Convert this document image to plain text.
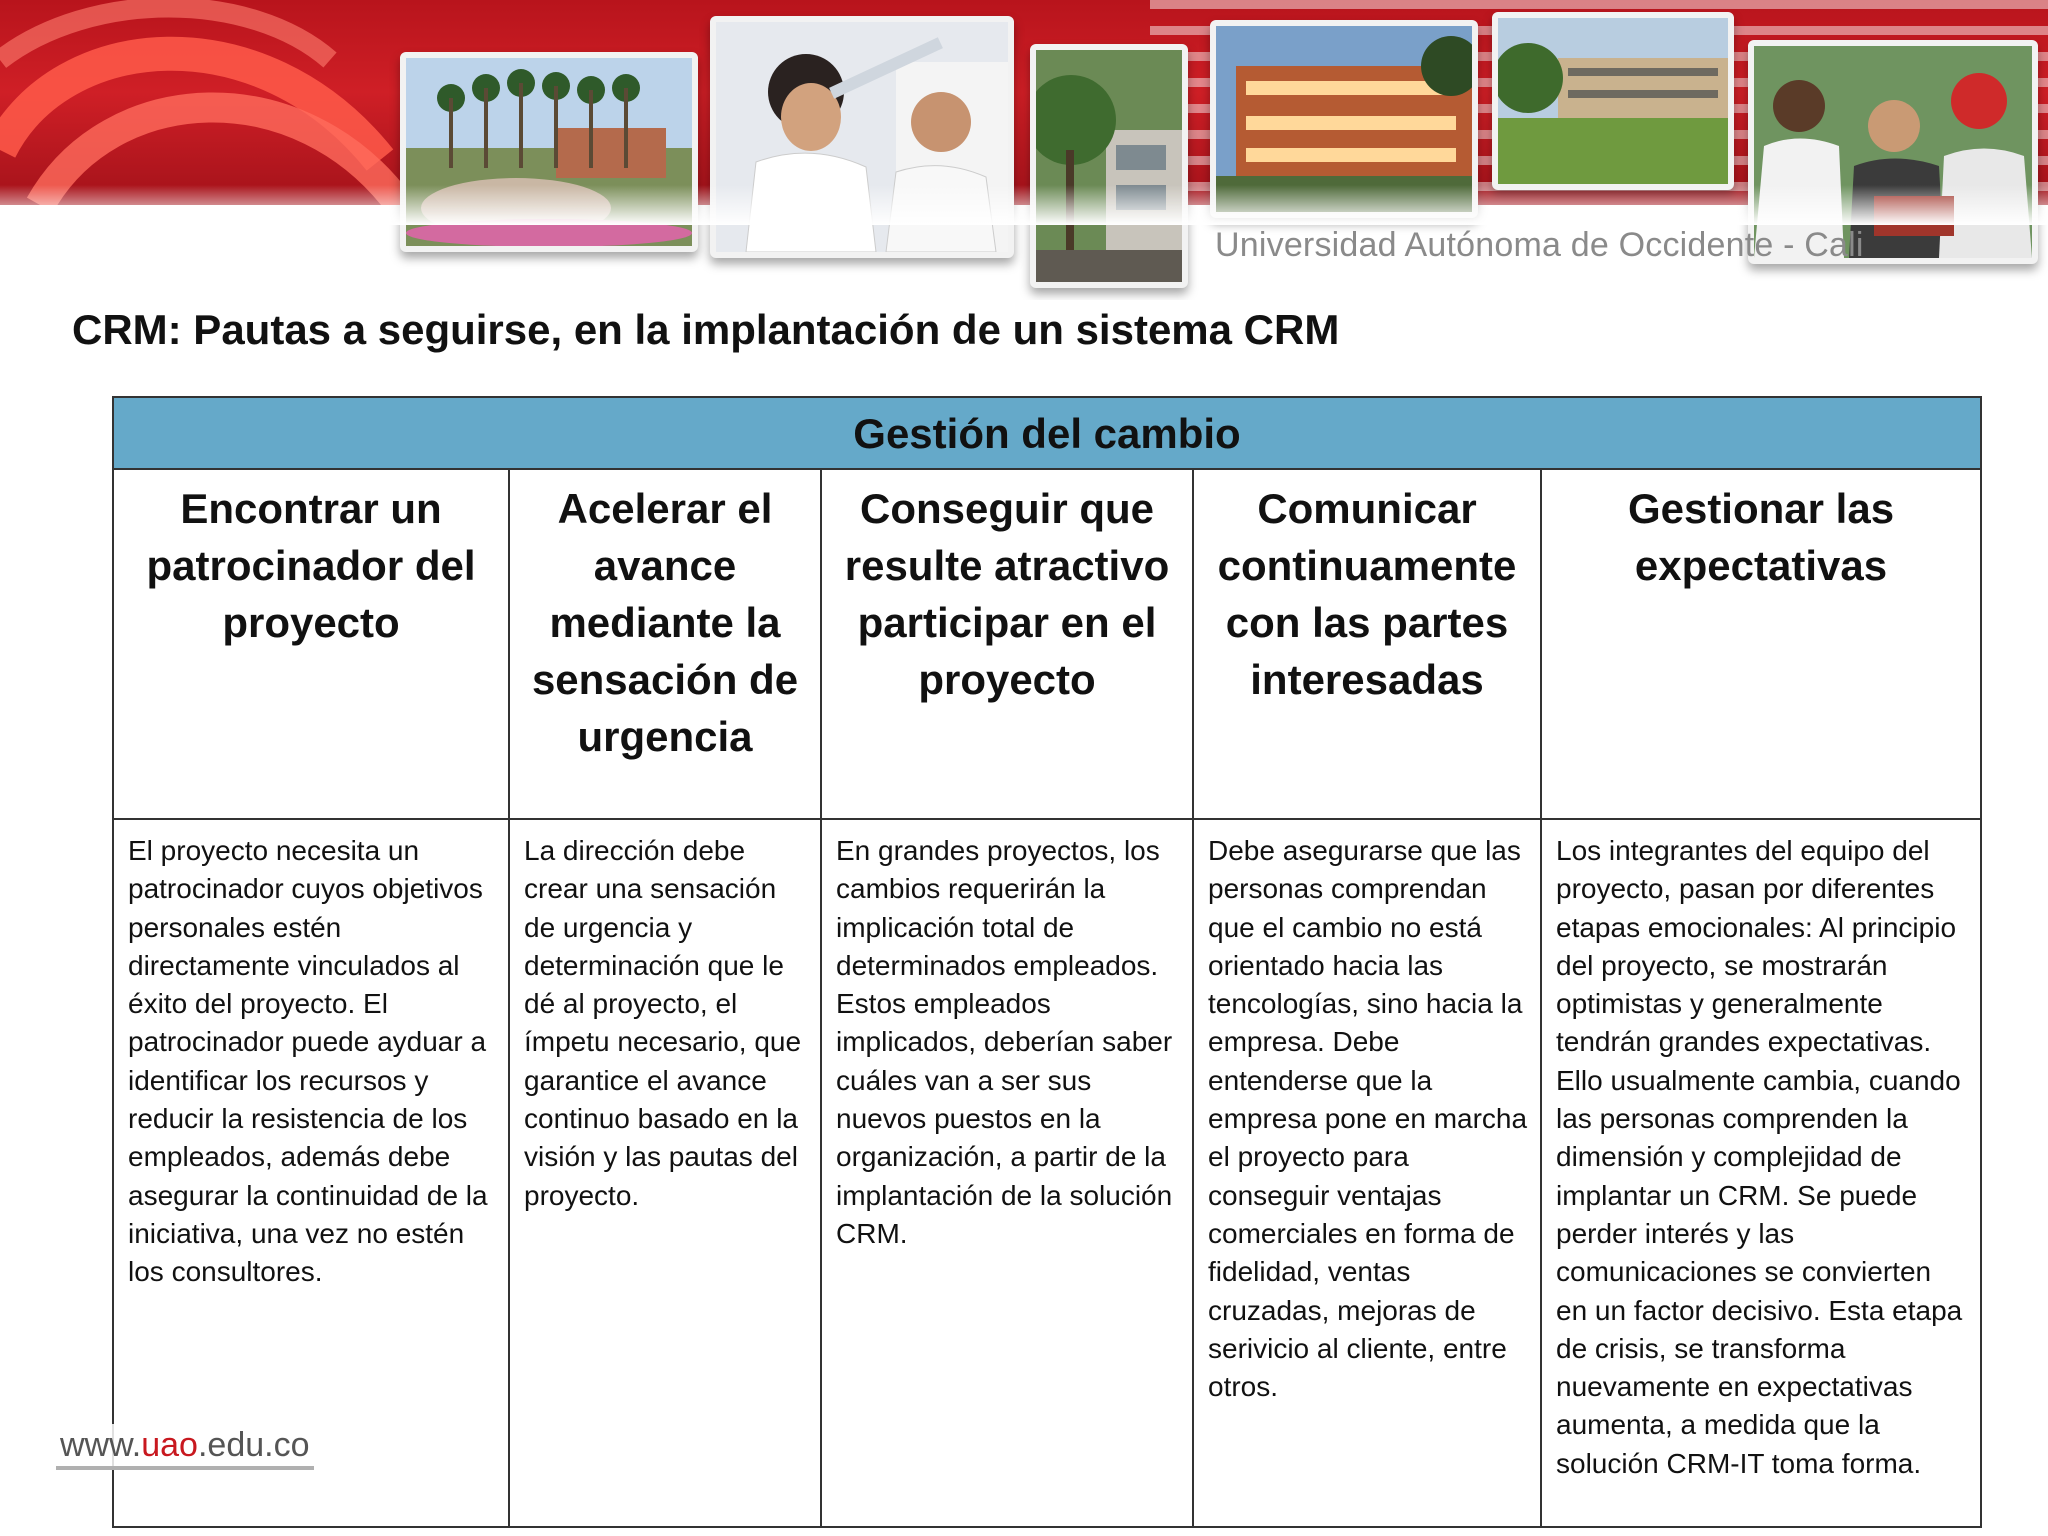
Universidad Autónoma de Occidente - Cali
CRM: Pautas a seguirse, en la implantación de un sistema CRM
Gestión del cambio
Encontrar un patrocinador del proyecto
El proyecto necesita un patrocinador cuyos objetivos personales estén directamente vinculados al éxito del proyecto. El patrocinador puede ayduar a identificar los recursos y reducir la resistencia de los empleados, además debe asegurar la continuidad de la iniciativa, una vez no estén los consultores.
Acelerar el avance mediante la sensación de urgencia
La dirección debe crear una sensación de urgencia y determinación que le dé al proyecto, el ímpetu necesario, que garantice el avance continuo basado en la visión y las pautas del proyecto.
Conseguir que resulte atractivo participar en el proyecto
En grandes proyectos, los cambios requerirán la implicación total de determinados empleados. Estos empleados implicados, deberían saber cuáles van a ser sus nuevos puestos en la organización, a partir de la implantación de la solución CRM.
Comunicar continuamente con las partes interesadas
Debe asegurarse que las personas comprendan que el cambio no está orientado hacia las tencologías, sino hacia la empresa. Debe entenderse que la empresa pone en marcha el proyecto para conseguir ventajas comerciales en forma de fidelidad, ventas cruzadas, mejoras de serivicio al cliente, entre otros.
Gestionar las expectativas
Los integrantes del equipo del proyecto, pasan por diferentes etapas emocionales: Al principio del proyecto, se mostrarán optimistas y generalmente tendrán grandes expectativas. Ello usualmente cambia, cuando las personas comprenden la dimensión y complejidad de implantar un CRM. Se puede perder interés y las comunicaciones se convierten en un factor decisivo. Esta etapa de crisis, se transforma nuevamente en expectativas aumenta, a medida que la solución CRM-IT toma forma.
www.uao.edu.co
